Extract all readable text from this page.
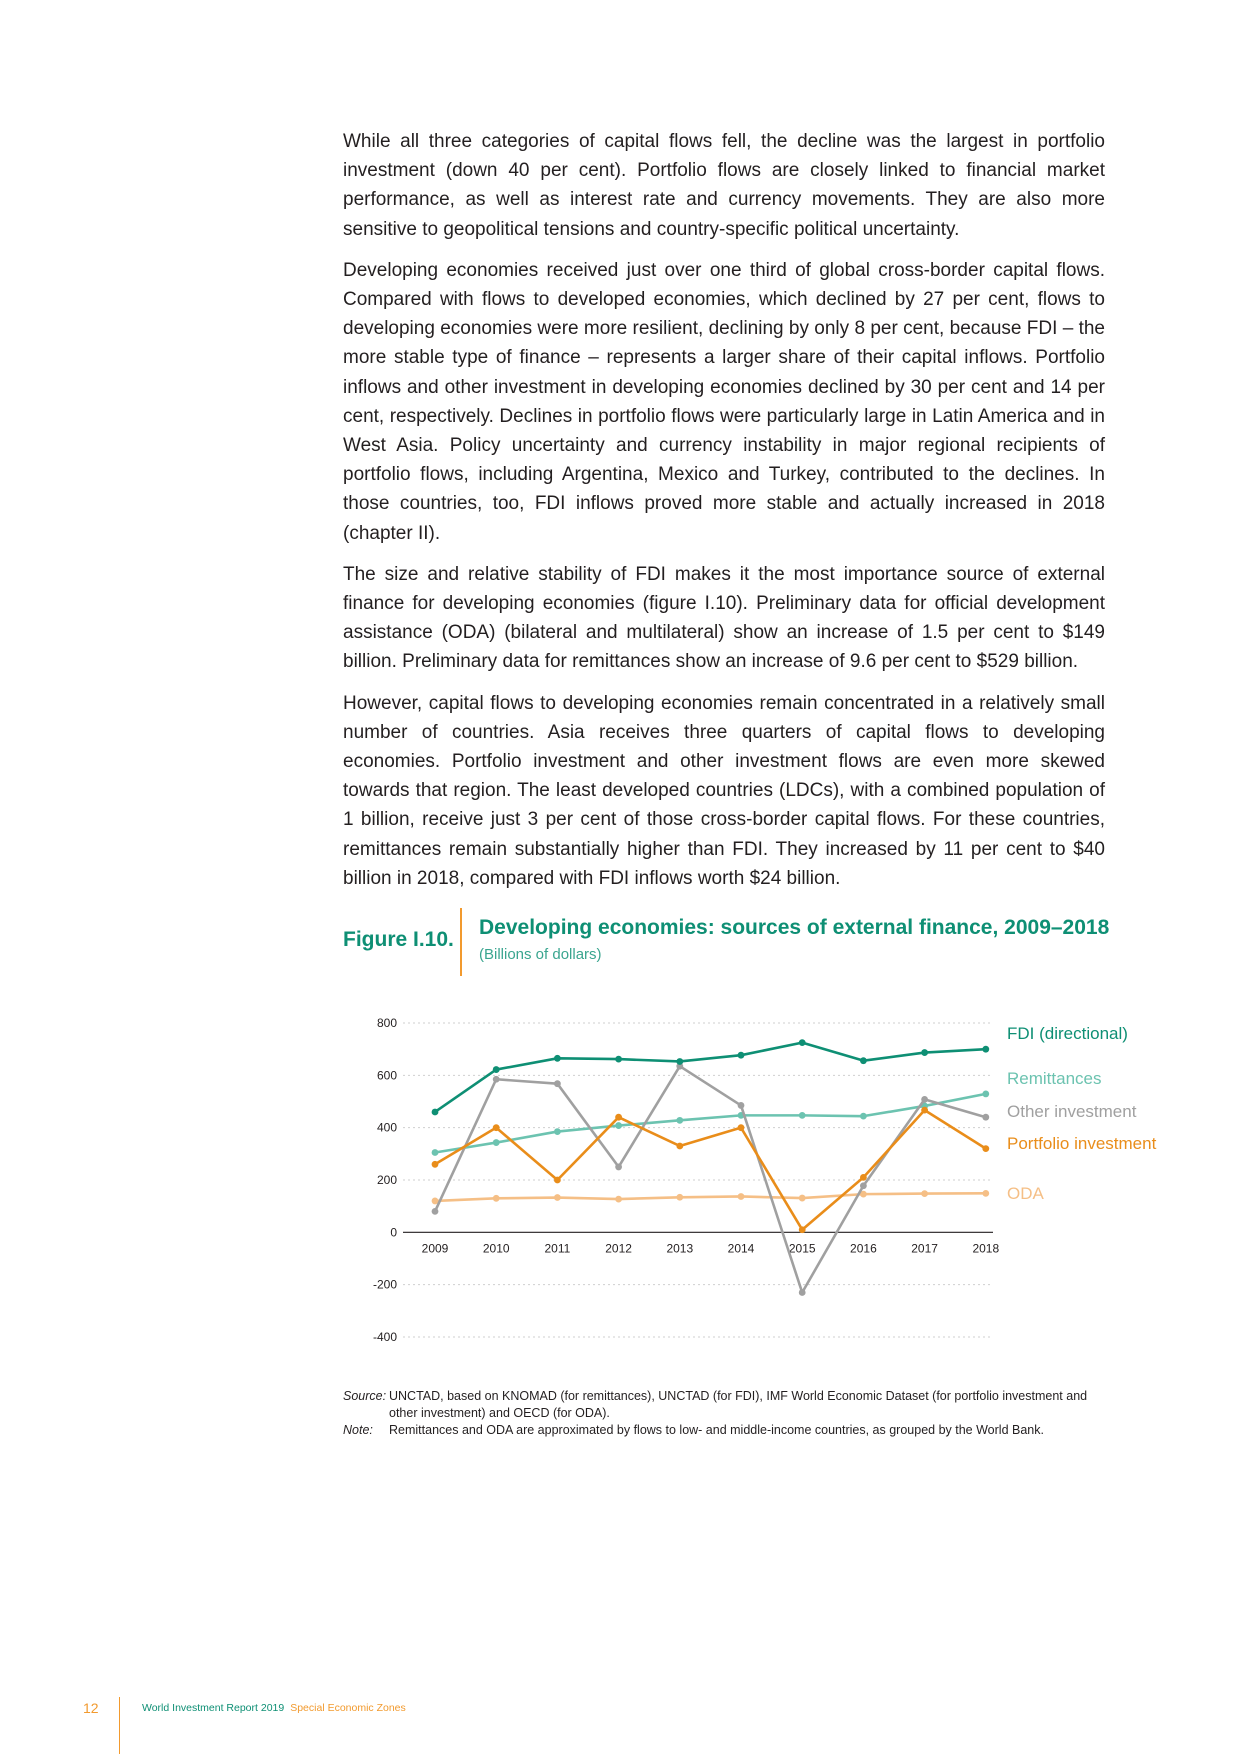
While all three categories of capital flows fell, the decline was the largest in portfolio investment (down 40 per cent). Portfolio flows are closely linked to financial market performance, as well as interest rate and currency movements. They are also more sensitive to geopolitical tensions and country-specific political uncertainty.

Developing economies received just over one third of global cross-border capital flows. Compared with flows to developed economies, which declined by 27 per cent, flows to developing economies were more resilient, declining by only 8 per cent, because FDI – the more stable type of finance – represents a larger share of their capital inflows. Portfolio inflows and other investment in developing economies declined by 30 per cent and 14 per cent, respectively. Declines in portfolio flows were particularly large in Latin America and in West Asia. Policy uncertainty and currency instability in major regional recipients of portfolio flows, including Argentina, Mexico and Turkey, contributed to the declines. In those countries, too, FDI inflows proved more stable and actually increased in 2018 (chapter II).

The size and relative stability of FDI makes it the most importance source of external finance for developing economies (figure I.10). Preliminary data for official development assistance (ODA) (bilateral and multilateral) show an increase of 1.5 per cent to $149 billion. Preliminary data for remittances show an increase of 9.6 per cent to $529 billion.

However, capital flows to developing economies remain concentrated in a relatively small number of countries. Asia receives three quarters of capital flows to developing economies. Portfolio investment and other investment flows are even more skewed towards that region. The least developed countries (LDCs), with a combined population of 1 billion, receive just 3 per cent of those cross-border capital flows. For these countries, remittances remain substantially higher than FDI. They increased by 11 per cent to $40 billion in 2018, compared with FDI inflows worth $24 billion.

Figure I.10.
Developing economies: sources of external finance, 2009–2018
(Billions of dollars)
800
600
400
200
0
-200
-400
2009	2010	2011	2012	2013	2014	2015	2016	2017	2018
FDI (directional)
Remittances
Other investment
Portfolio investment
ODA
Source: UNCTAD, based on KNOMAD (for remittances), UNCTAD (for FDI), IMF World Economic Dataset (for portfolio investment and other investment) and OECD (for ODA).
Note:	Remittances and ODA are approximated by flows to low- and middle-income countries, as grouped by the World Bank.
12	World Investment Report 2019 Special Economic Zones
